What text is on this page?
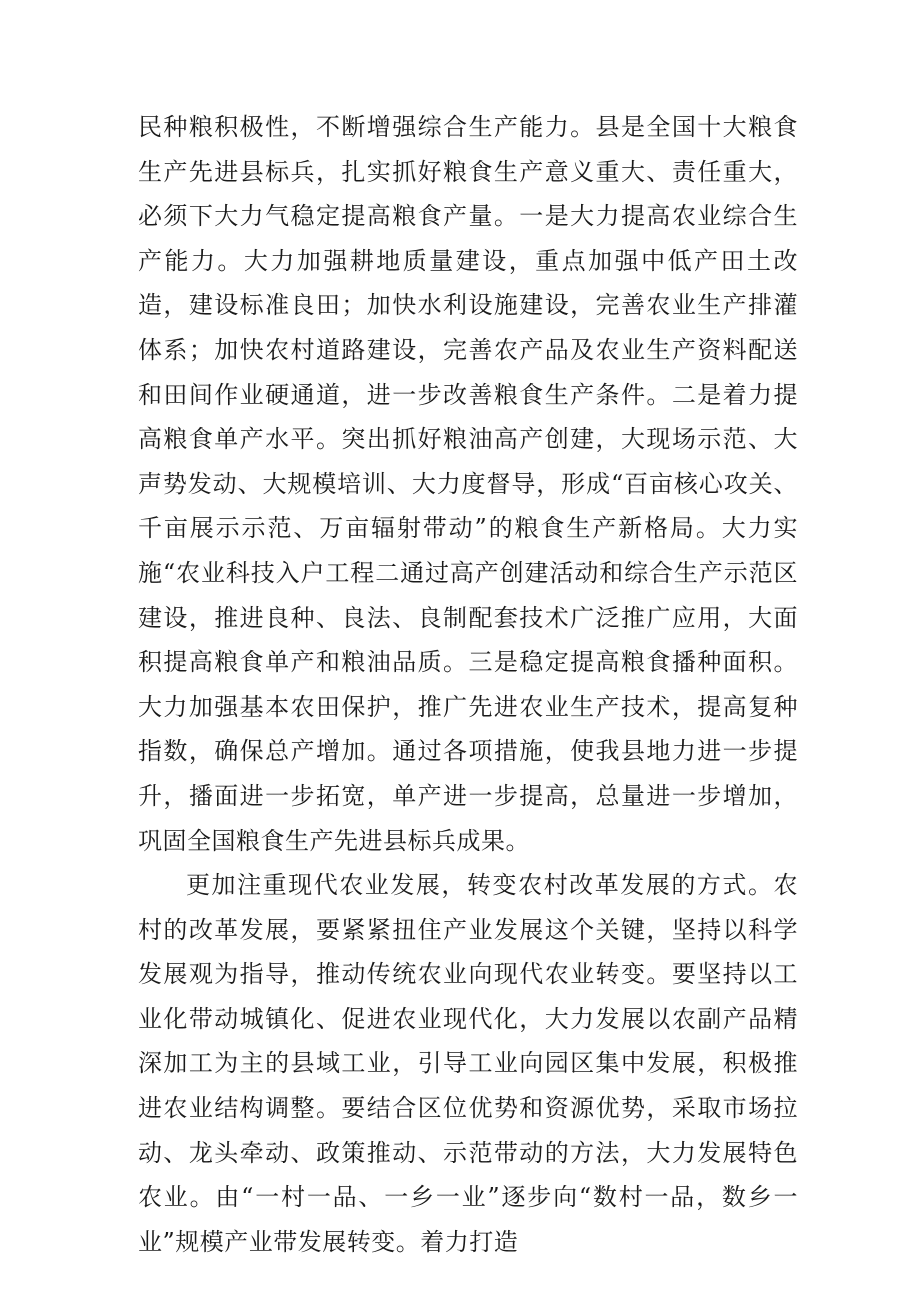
民种粮积极性，不断增强综合生产能力。县是全国十大粮食生产先进县标兵，扎实抓好粮食生产意义重大、责任重大，必须下大力气稳定提高粮食产量。一是大力提高农业综合生产能力。大力加强耕地质量建设，重点加强中低产田土改造，建设标准良田；加快水利设施建设，完善农业生产排灌体系；加快农村道路建设，完善农产品及农业生产资料配送和田间作业硬通道，进一步改善粮食生产条件。二是着力提高粮食单产水平。突出抓好粮油高产创建，大现场示范、大声势发动、大规模培训、大力度督导，形成“百亩核心攻关、千亩展示示范、万亩辐射带动”的粮食生产新格局。大力实施“农业科技入户工程二通过高产创建活动和综合生产示范区建设，推进良种、良法、良制配套技术广泛推广应用，大面积提高粮食单产和粮油品质。三是稳定提高粮食播种面积。大力加强基本农田保护，推广先进农业生产技术，提高复种指数，确保总产增加。通过各项措施，使我县地力进一步提升，播面进一步拓宽，单产进一步提高，总量进一步增加，巩固全国粮食生产先进县标兵成果。

更加注重现代农业发展，转变农村改革发展的方式。农村的改革发展，要紧紧扭住产业发展这个关键，坚持以科学发展观为指导，推动传统农业向现代农业转变。要坚持以工业化带动城镇化、促进农业现代化，大力发展以农副产品精深加工为主的县域工业，引导工业向园区集中发展，积极推进农业结构调整。要结合区位优势和资源优势，采取市场拉动、龙头牵动、政策推动、示范带动的方法，大力发展特色农业。由“一村一品、一乡一业”逐步向“数村一品，数乡一业”规模产业带发展转变。着力打造
